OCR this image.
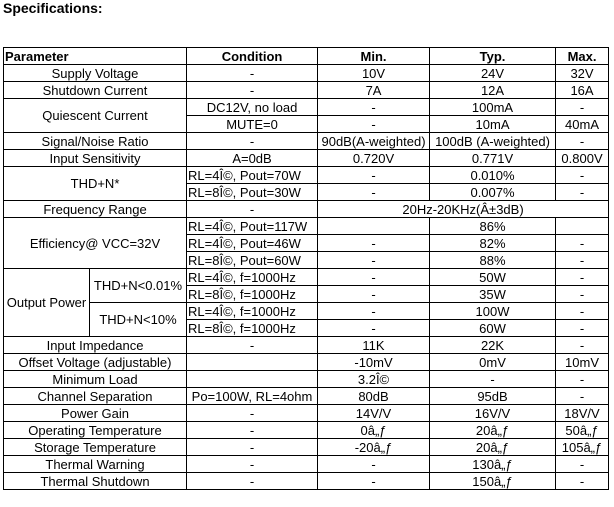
Specifications:
Parameter		Condition	Min.	Typ.	Max.
Supply Voltage		-	10V	24V	32V
Shutdown Current		-	7A	12A	16A
Quiescent Current		DC12V, no load	-	100mA	-
		MUTE=0	-	10mA	40mA
Signal/Noise Ratio		-	90dB(A-weighted)	100dB (A-weighted)	-
Input Sensitivity		A=0dB	0.720V	0.771V	0.800V
THD+N*		RL=4Î©, Pout=70W	-	0.010%	-
		RL=8Î©, Pout=30W	-	0.007%	-
Frequency Range		-	20Hz-20KHz(Â±3dB)		
Efficiency@ VCC=32V		RL=4Î©, Pout=117W		86%	
		RL=4Î©, Pout=46W	-	82%	-
		RL=8Î©, Pout=60W	-	88%	-
Output Power	THD+N<0.01%	RL=4Î©, f=1000Hz	-	50W	-
		RL=8Î©, f=1000Hz	-	35W	-
	THD+N<10%	RL=4Î©, f=1000Hz	-	100W	-
		RL=8Î©, f=1000Hz	-	60W	-
Input Impedance		-	11K	22K	-
Offset Voltage (adjustable)			-10mV	0mV	10mV
Minimum Load			3.2Î©	-	-
Channel Separation		Po=100W, RL=4ohm	80dB	95dB	-
Power Gain		-	14V/V	16V/V	18V/V
Operating Temperature		-	0â„ƒ	20â„ƒ	50â„ƒ
Storage Temperature		-	-20â„ƒ	20â„ƒ	105â„ƒ
Thermal Warning		-	-	130â„ƒ	-
Thermal Shutdown		-	-	150â„ƒ	-
